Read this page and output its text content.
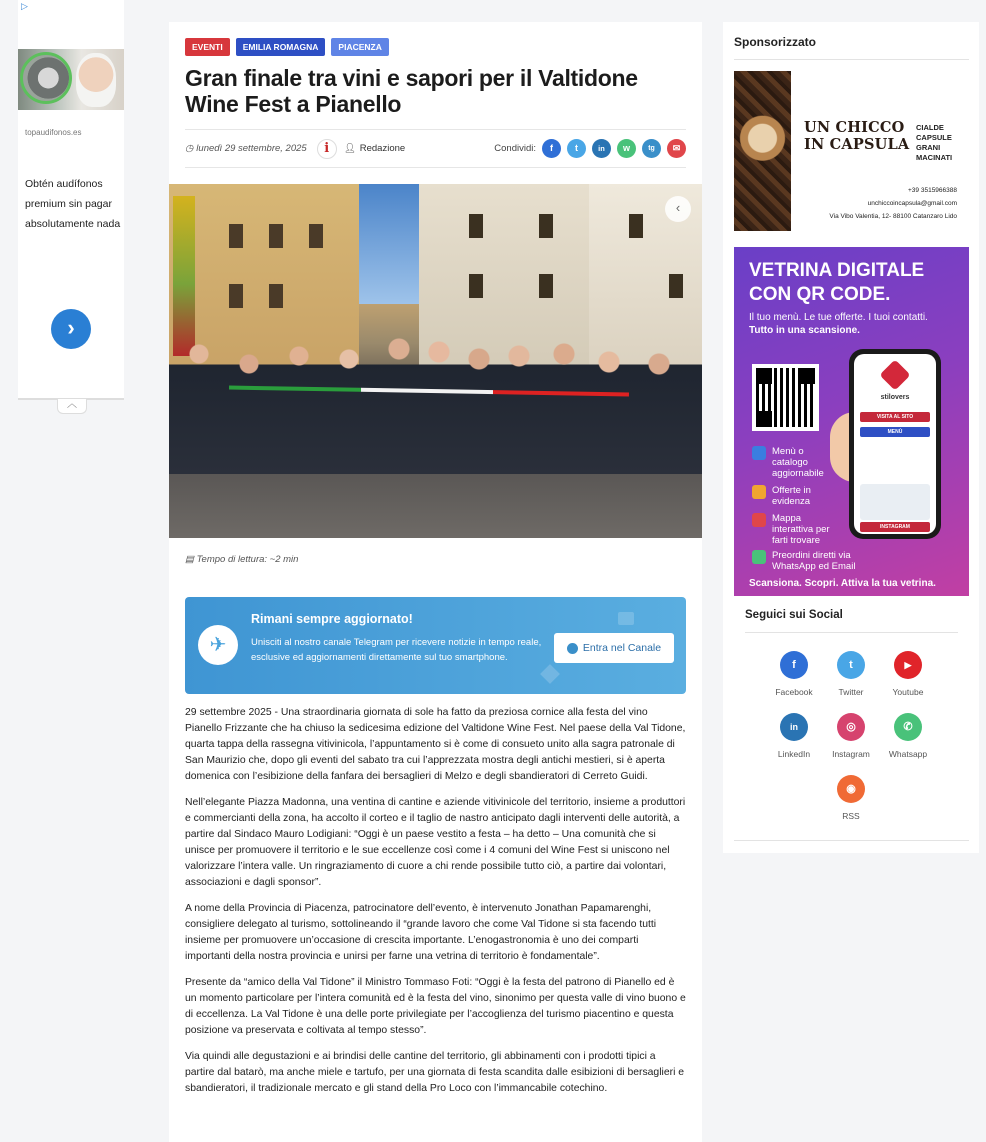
▷
topaudifonos.es
Obtén audífonos premium sin pagar absolutamente nada
›
︿
EVENTI	EMILIA ROMAGNA	PIACENZA
Gran finale tra vini e sapori per il Valtidone Wine Fest a Pianello
◷ lunedì 29 settembre, 2025	i	👤︎ Redazione	Condividi:	f	t	in	w	tg	✉
‹
▤ Tempo di lettura: ~2 min
✈
Rimani sempre aggiornato!
Unisciti al nostro canale Telegram per ricevere notizie in tempo reale, esclusive ed aggiornamenti direttamente sul tuo smartphone.
Entra nel Canale

29 settembre 2025 - Una straordinaria giornata di sole ha fatto da preziosa cornice alla festa del vino Pianello Frizzante che ha chiuso la sedicesima edizione del Valtidone Wine Fest. Nel paese della Val Tidone, quarta tappa della rassegna vitivinicola, l’appuntamento si è come di consueto unito alla sagra patronale di San Maurizio che, dopo gli eventi del sabato tra cui l’apprezzata mostra degli antichi mestieri, si è aperta domenica con l’esibizione della fanfara dei bersaglieri di Melzo e degli sbandieratori di Cerreto Guidi.

Nell’elegante Piazza Madonna, una ventina di cantine e aziende vitivinicole del territorio, insieme a produttori e commercianti della zona, ha accolto il corteo e il taglio de nastro anticipato dagli interventi delle autorità, a partire dal Sindaco Mauro Lodigiani: “Oggi è un paese vestito a festa – ha detto – Una comunità che si unisce per promuovere il territorio e le sue eccellenze così come i 4 comuni del Wine Fest si uniscono nel valorizzare l’intera valle. Un ringraziamento di cuore a chi rende possibile tutto ciò, a partire dai volontari, associazioni e dagli sponsor”.

A nome della Provincia di Piacenza, patrocinatore dell’evento, è intervenuto Jonathan Papamarenghi, consigliere delegato al turismo, sottolineando il “grande lavoro che come Val Tidone si sta facendo tutti insieme per promuovere un’occasione di crescita importante. L’enogastronomia è uno dei comparti importanti della nostra provincia e unirsi per farne una vetrina di territorio è fondamentale”.

Presente da “amico della Val Tidone” il Ministro Tommaso Foti: “Oggi è la festa del patrono di Pianello ed è un momento particolare per l’intera comunità ed è la festa del vino, sinonimo per questa valle di vino buono e di eccellenza. La Val Tidone è una delle porte privilegiate per l’accoglienza del turismo piacentino e questa posizione va preservata e coltivata al tempo stesso”.

Via quindi alle degustazioni e ai brindisi delle cantine del territorio, gli abbinamenti con i prodotti tipici a partire dal batarò, ma anche miele e tartufo, per una giornata di festa scandita dalle esibizioni di bersaglieri e sbandieratori, il tradizionale mercato e gli stand della Pro Loco con l’immancabile cotechino.

Sponsorizzato
UN CHICCO
IN CAPSULA
CIALDE
CAPSULE
GRANI
MACINATI
+39 3515966388
unchiccoincapsula@gmail.com
Via Vibo Valentia, 12- 88100 Catanzaro Lido
VETRINA DIGITALE CON QR CODE.
Il tuo menù. Le tue offerte. I tuoi contatti.
Tutto in una scansione.
stilovers
VISITA AL SITO
MENÙ
INSTAGRAM
Menù o catalogo aggiornabile
Offerte in evidenza
Mappa interattiva per farti trovare
Preordini diretti via WhatsApp ed Email
Scansiona. Scopri. Attiva la tua vetrina.
Seguici sui Social
f
Facebook
t
Twitter
▶
Youtube
in
LinkedIn
◎
Instagram
✆
Whatsapp
◉
RSS
